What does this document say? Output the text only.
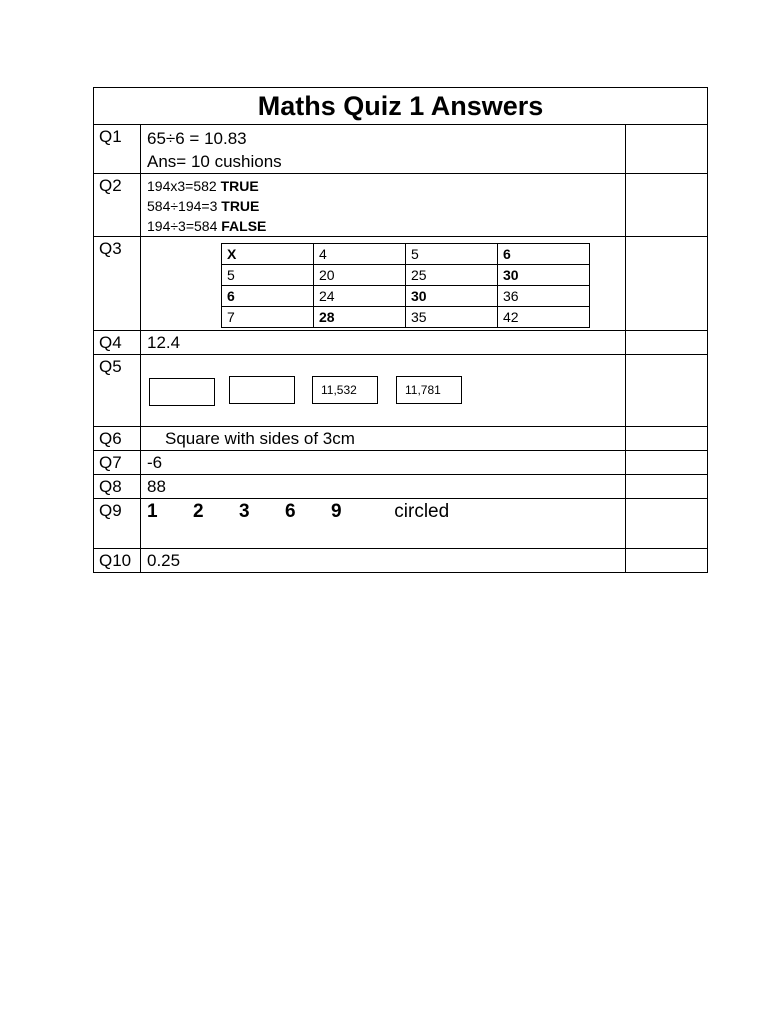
Maths Quiz 1 Answers
Q1	65÷6 = 10.83
Ans= 10 cushions

Q2	194x3=582 TRUE
584÷194=3 TRUE
194÷3=584 FALSE

Q3		X	4	5	6
5	20	25	30
6	24	30	36
7	28	35	42

Q4	12.4	
Q5	
11,532	11,781

Q6	Square with sides of 3cm	
Q7	-6	
Q8	88	
Q9	1 2 3 6 9	circled	
Q10	0.25	
